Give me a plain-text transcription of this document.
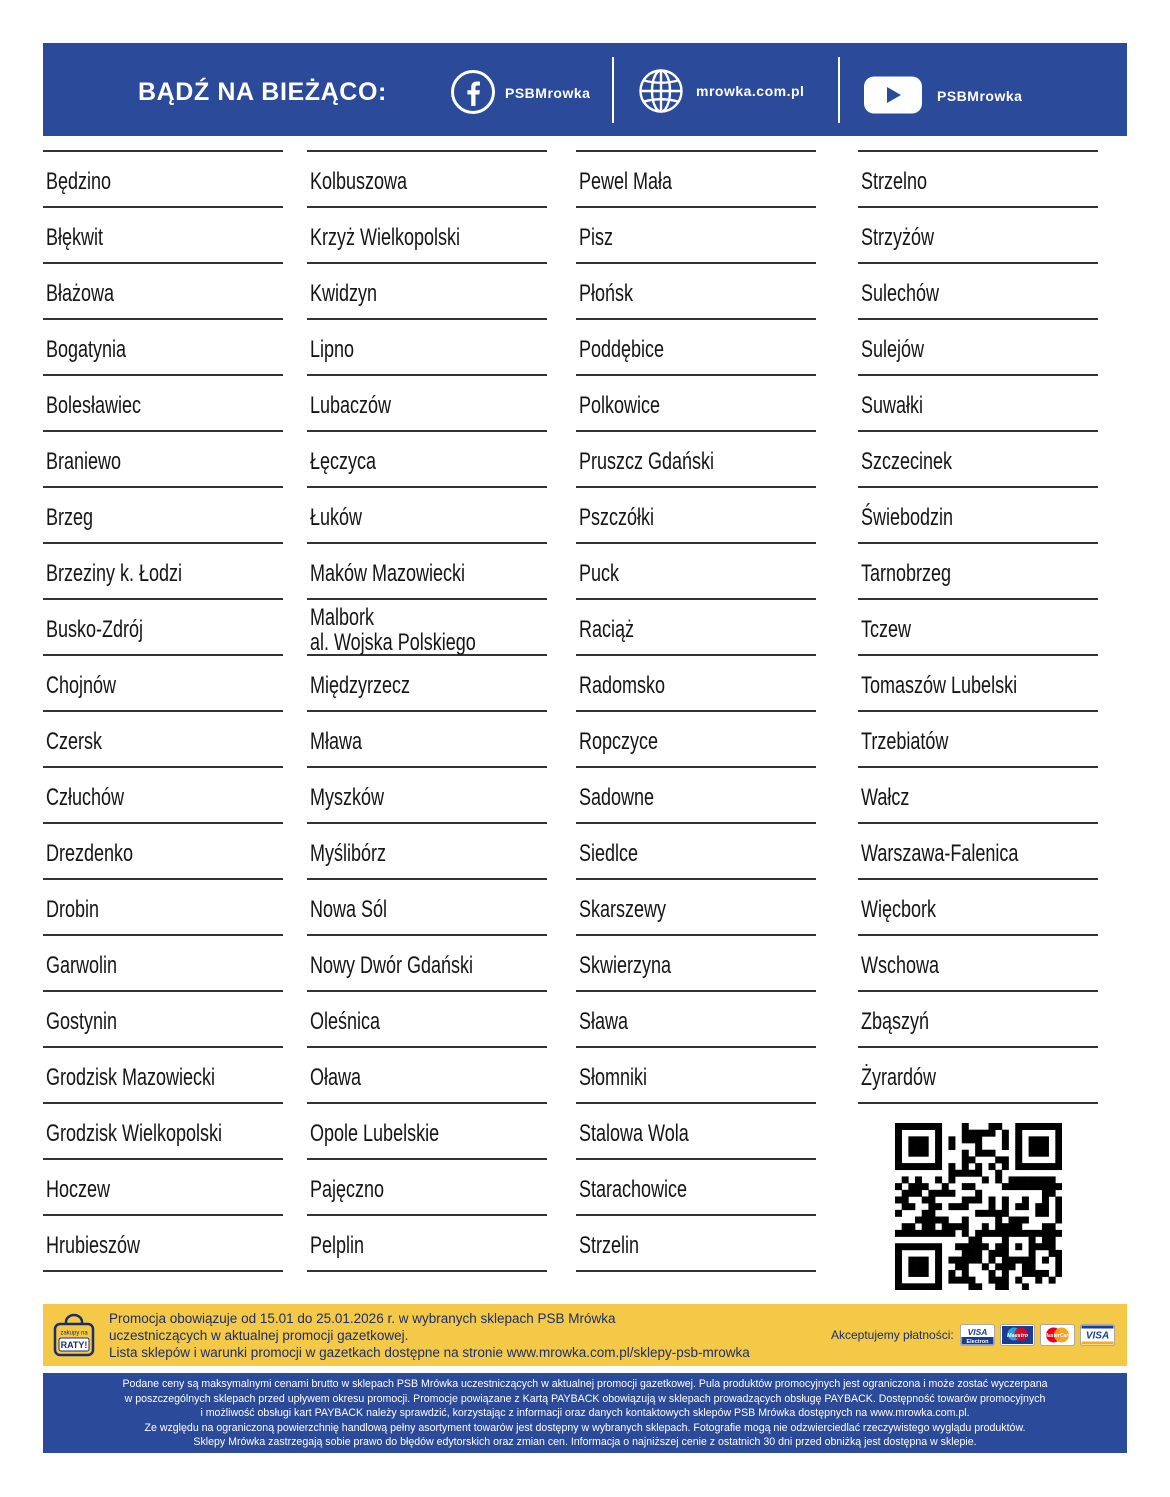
BĄDŹ NA BIEŻĄCO:	PSBMrowka	mrowka.com.pl	PSBMrowka
Będzino
Błękwit
Błażowa
Bogatynia
Bolesławiec
Braniewo
Brzeg
Brzeziny k. Łodzi
Busko-Zdrój
Chojnów
Czersk
Człuchów
Drezdenko
Drobin
Garwolin
Gostynin
Grodzisk Mazowiecki
Grodzisk Wielkopolski
Hoczew
Hrubieszów
Kolbuszowa
Krzyż Wielkopolski
Kwidzyn
Lipno
Lubaczów
Łęczyca
Łuków
Maków Mazowiecki
Malbork
al. Wojska Polskiego
Międzyrzecz
Mława
Myszków
Myślibórz
Nowa Sól
Nowy Dwór Gdański
Oleśnica
Oława
Opole Lubelskie
Pajęczno
Pelplin
Pewel Mała
Pisz
Płońsk
Poddębice
Polkowice
Pruszcz Gdański
Pszczółki
Puck
Raciąż
Radomsko
Ropczyce
Sadowne
Siedlce
Skarszewy
Skwierzyna
Sława
Słomniki
Stalowa Wola
Starachowice
Strzelin
Strzelno
Strzyżów
Sulechów
Sulejów
Suwałki
Szczecinek
Świebodzin
Tarnobrzeg
Tczew
Tomaszów Lubelski
Trzebiatów
Wałcz
Warszawa-Falenica
Więcbork
Wschowa
Zbąszyń
Żyrardów
zakupy na
RATY!
Promocja obowiązuje od 15.01 do 25.01.2026 r. w wybranych sklepach PSB Mrówka
uczestniczących w aktualnej promocji gazetkowej.
Lista sklepów i warunki promocji w gazetkach dostępne na stronie www.mrowka.com.pl/sklepy-psb-mrowka
Akceptujemy płatności: VISA
Electron
Maestro	MasterCard VISA
Podane ceny są maksymalnymi cenami brutto w sklepach PSB Mrówka uczestniczących w aktualnej promocji gazetkowej. Pula produktów promocyjnych jest ograniczona i może zostać wyczerpana
w poszczególnych sklepach przed upływem okresu promocji. Promocje powiązane z Kartą PAYBACK obowiązują w sklepach prowadzących obsługę PAYBACK. Dostępność towarów promocyjnych
i możliwość obsługi kart PAYBACK należy sprawdzić, korzystając z informacji oraz danych kontaktowych sklepów PSB Mrówka dostępnych na www.mrowka.com.pl.
Ze względu na ograniczoną powierzchnię handlową pełny asortyment towarów jest dostępny w wybranych sklepach. Fotografie mogą nie odzwierciedlać rzeczywistego wyglądu produktów.
Sklepy Mrówka zastrzegają sobie prawo do błędów edytorskich oraz zmian cen. Informacja o najniższej cenie z ostatnich 30 dni przed obniżką jest dostępna w sklepie.
